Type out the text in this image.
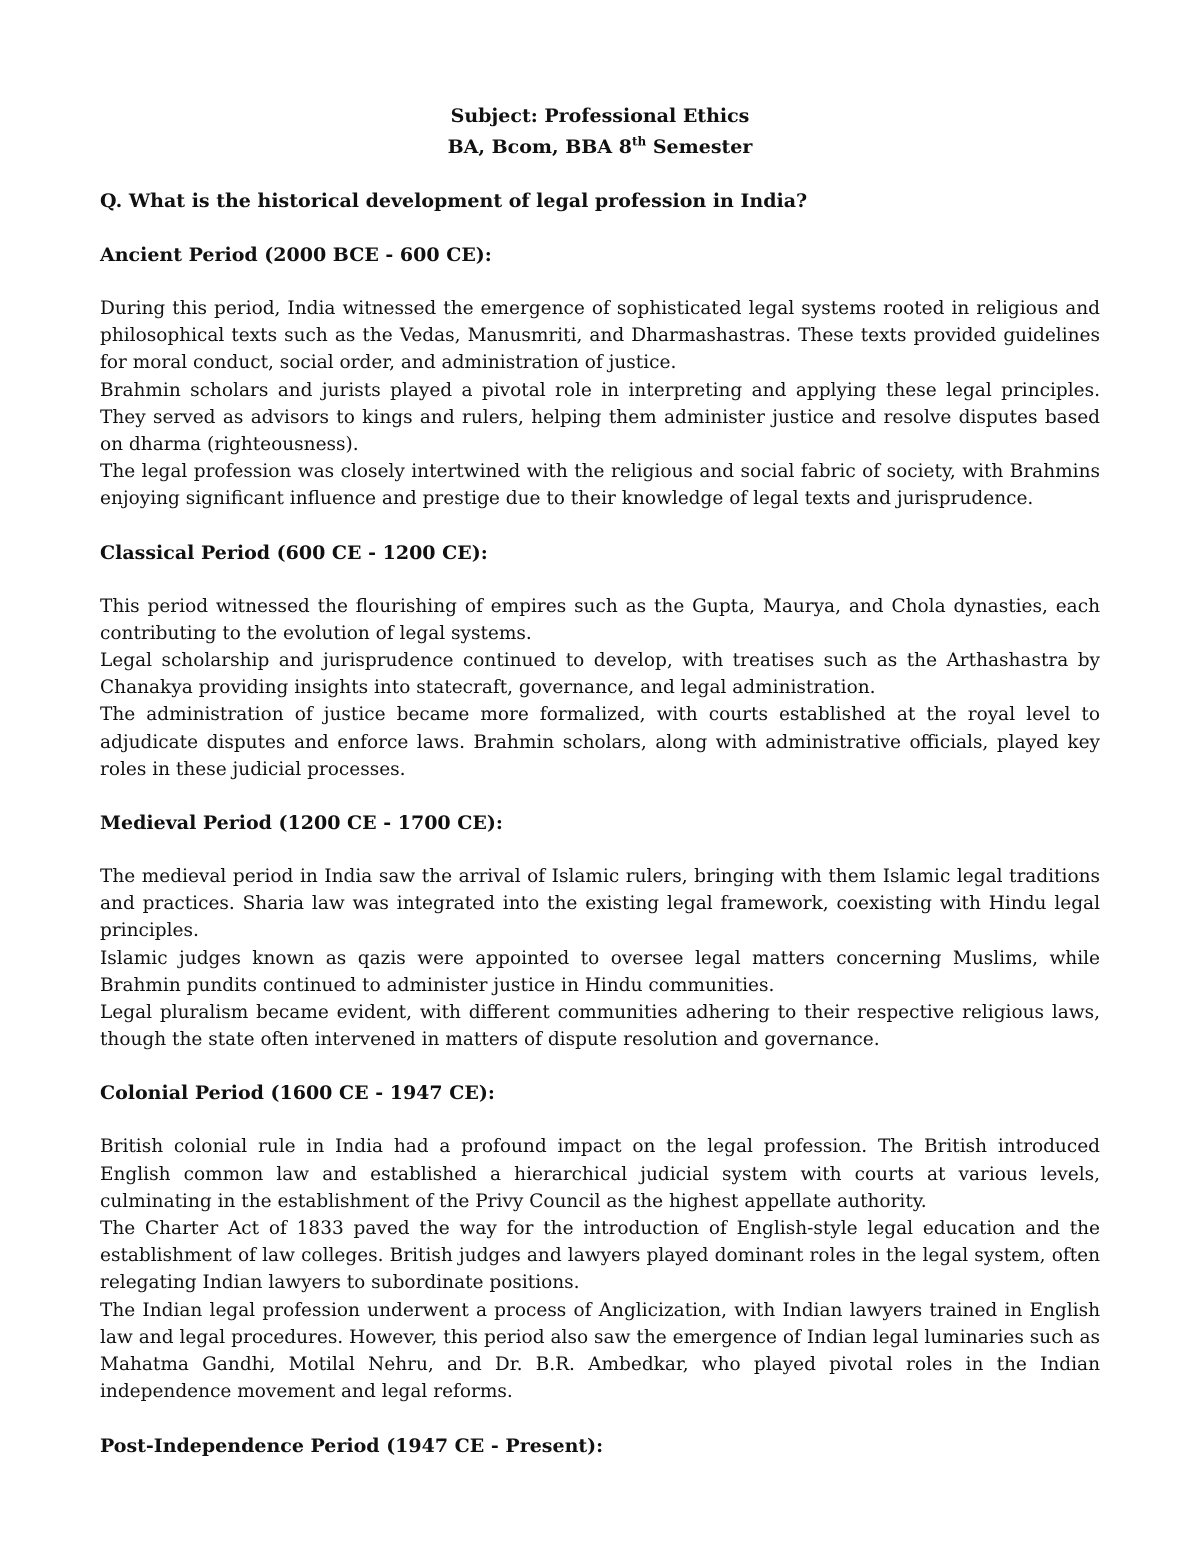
Subject: Professional Ethics
BA, Bcom, BBA 8th Semester
Q. What is the historical development of legal profession in India?
Ancient Period (2000 BCE - 600 CE):

During this period, India witnessed the emergence of sophisticated legal systems rooted in religious and philosophical texts such as the Vedas, Manusmriti, and Dharmashastras. These texts provided guidelines for moral conduct, social order, and administration of justice.

Brahmin scholars and jurists played a pivotal role in interpreting and applying these legal principles. They served as advisors to kings and rulers, helping them administer justice and resolve disputes based on dharma (righteousness).

The legal profession was closely intertwined with the religious and social fabric of society, with Brahmins enjoying significant influence and prestige due to their knowledge of legal texts and jurisprudence.

Classical Period (600 CE - 1200 CE):

This period witnessed the flourishing of empires such as the Gupta, Maurya, and Chola dynasties, each contributing to the evolution of legal systems.

Legal scholarship and jurisprudence continued to develop, with treatises such as the Arthashastra by Chanakya providing insights into statecraft, governance, and legal administration.

The administration of justice became more formalized, with courts established at the royal level to adjudicate disputes and enforce laws. Brahmin scholars, along with administrative officials, played key roles in these judicial processes.

Medieval Period (1200 CE - 1700 CE):

The medieval period in India saw the arrival of Islamic rulers, bringing with them Islamic legal traditions and practices. Sharia law was integrated into the existing legal framework, coexisting with Hindu legal principles.

Islamic judges known as qazis were appointed to oversee legal matters concerning Muslims, while Brahmin pundits continued to administer justice in Hindu communities.

Legal pluralism became evident, with different communities adhering to their respective religious laws, though the state often intervened in matters of dispute resolution and governance.

Colonial Period (1600 CE - 1947 CE):

British colonial rule in India had a profound impact on the legal profession. The British introduced English common law and established a hierarchical judicial system with courts at various levels, culminating in the establishment of the Privy Council as the highest appellate authority.

The Charter Act of 1833 paved the way for the introduction of English-style legal education and the establishment of law colleges. British judges and lawyers played dominant roles in the legal system, often relegating Indian lawyers to subordinate positions.

The Indian legal profession underwent a process of Anglicization, with Indian lawyers trained in English law and legal procedures. However, this period also saw the emergence of Indian legal luminaries such as Mahatma Gandhi, Motilal Nehru, and Dr. B.R. Ambedkar, who played pivotal roles in the Indian independence movement and legal reforms.

Post-Independence Period (1947 CE - Present):
